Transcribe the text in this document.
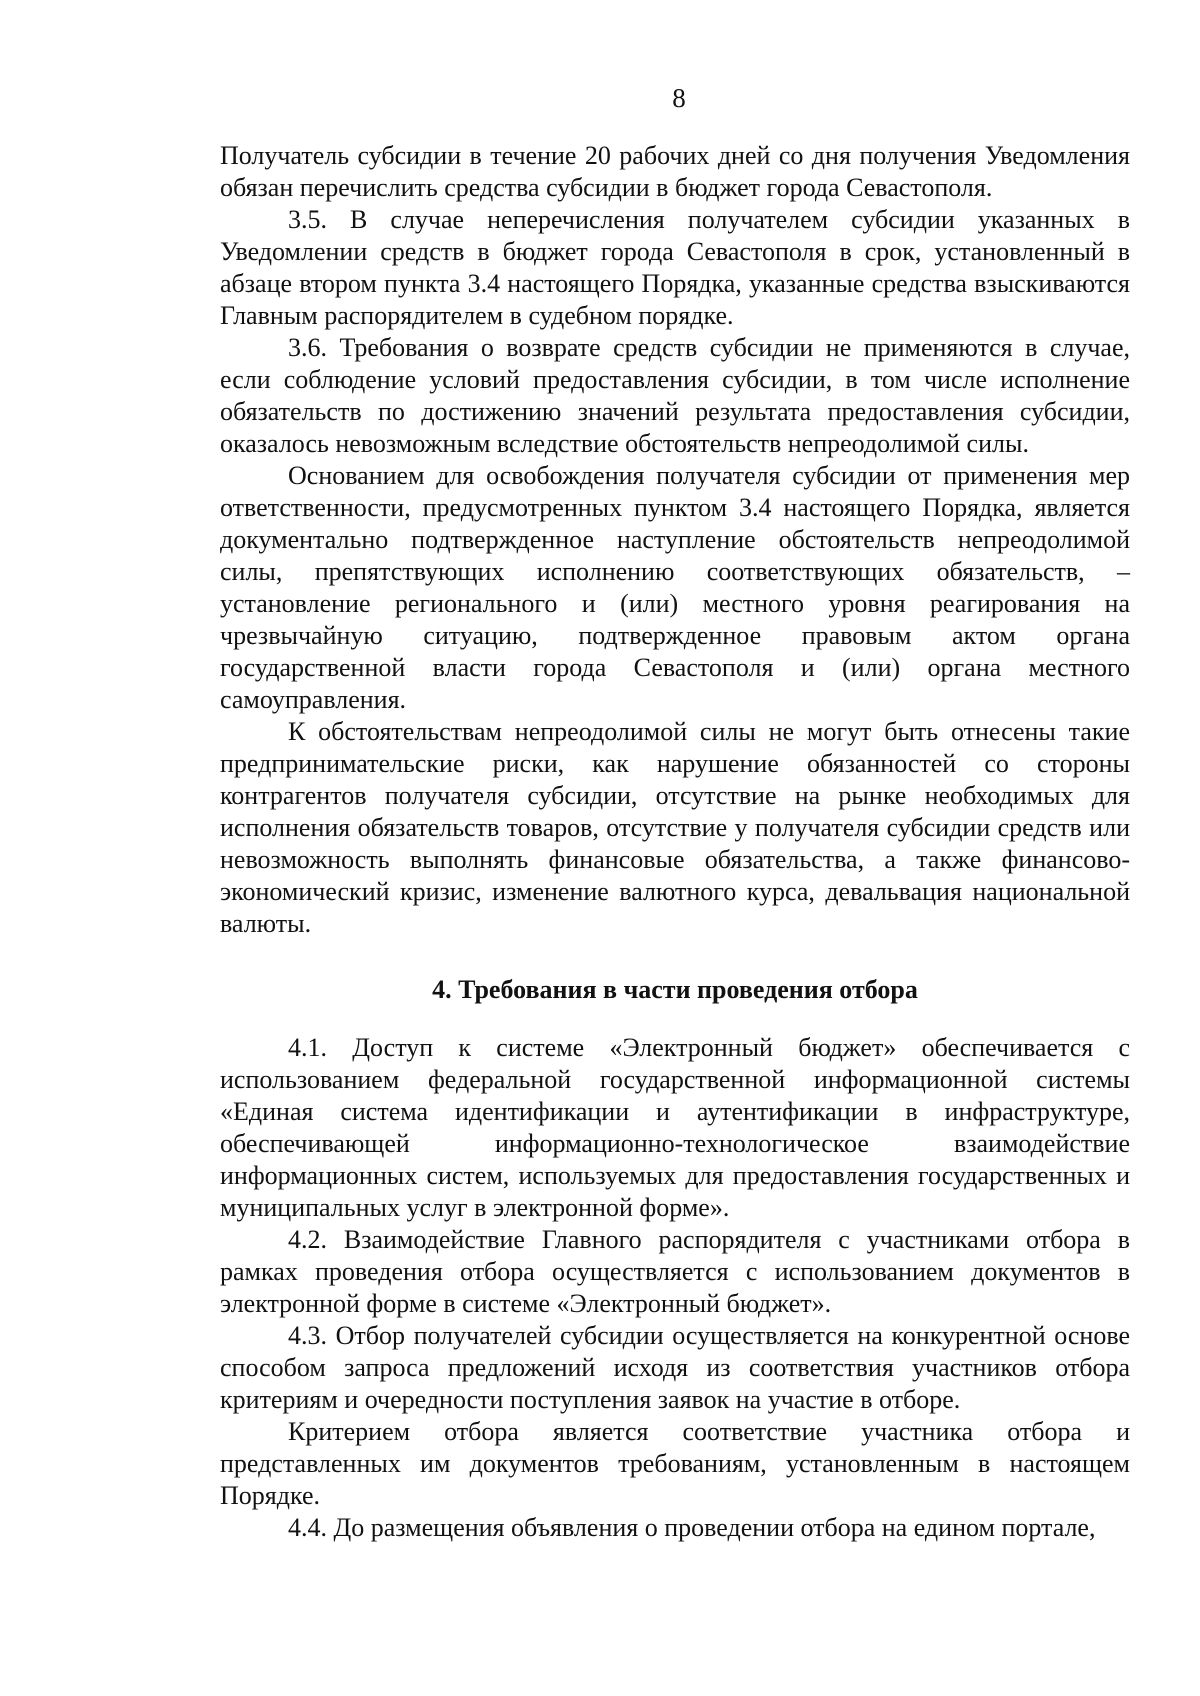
8

Получатель субсидии в течение 20 рабочих дней со дня получения Уведомления обязан перечислить средства субсидии в бюджет города Севастополя.

3.5. В случае неперечисления получателем субсидии указанных в Уведомлении средств в бюджет города Севастополя в срок, установленный в абзаце втором пункта 3.4 настоящего Порядка, указанные средства взыскиваются Главным распорядителем в судебном порядке.

3.6. Требования о возврате средств субсидии не применяются в случае, если соблюдение условий предоставления субсидии, в том числе исполнение обязательств по достижению значений результата предоставления субсидии, оказалось невозможным вследствие обстоятельств непреодолимой силы.

Основанием для освобождения получателя субсидии от применения мер ответственности, предусмотренных пунктом 3.4 настоящего Порядка, является документально подтвержденное наступление обстоятельств непреодолимой силы, препятствующих исполнению соответствующих обязательств, – установление регионального и (или) местного уровня реагирования на чрезвычайную ситуацию, подтвержденное правовым актом органа государственной власти города Севастополя и (или) органа местного самоуправления.

К обстоятельствам непреодолимой силы не могут быть отнесены такие предпринимательские риски, как нарушение обязанностей со стороны контрагентов получателя субсидии, отсутствие на рынке необходимых для исполнения обязательств товаров, отсутствие у получателя субсидии средств или невозможность выполнять финансовые обязательства, а также финансово-экономический кризис, изменение валютного курса, девальвация национальной валюты.

4. Требования в части проведения отбора

4.1. Доступ к системе «Электронный бюджет» обеспечивается с использованием федеральной государственной информационной системы «Единая система идентификации и аутентификации в инфраструктуре, обеспечивающей информационно-технологическое взаимодействие информационных систем, используемых для предоставления государственных и муниципальных услуг в электронной форме».

4.2. Взаимодействие Главного распорядителя с участниками отбора в рамках проведения отбора осуществляется с использованием документов в электронной форме в системе «Электронный бюджет».

4.3. Отбор получателей субсидии осуществляется на конкурентной основе способом запроса предложений исходя из соответствия участников отбора критериям и очередности поступления заявок на участие в отборе.

Критерием отбора является соответствие участника отбора и представленных им документов требованиям, установленным в настоящем Порядке.

4.4. До размещения объявления о проведении отбора на едином портале,
